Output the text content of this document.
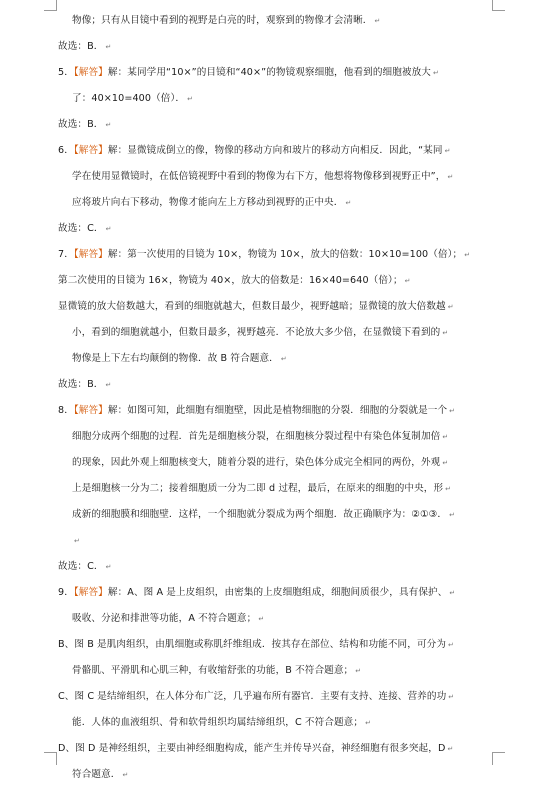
物像；只有从目镜中看到的视野是白亮的时，观察到的物像才会清晰． ↵
故选：B． ↵
5．【解答】解：某同学用“10×”的目镜和“40×”的物镜观察细胞，他看到的细胞被放大 ↵
了：40×10=400（倍）． ↵
故选：B． ↵
6．【解答】解：显微镜成倒立的像，物像的移动方向和玻片的移动方向相反．因此，“某同 ↵
学在使用显微镜时，在低倍镜视野中看到的物像为右下方，他想将物像移到视野正中”， ↵
应将玻片向右下移动，物像才能向左上方移动到视野的正中央． ↵
故选：C． ↵
7．【解答】解：第一次使用的目镜为 10×，物镜为 10×，放大的倍数：10×10=100（倍）； ↵
第二次使用的目镜为 16×，物镜为 40×，放大的倍数是：16×40=640（倍）； ↵
显微镜的放大倍数越大，看到的细胞就越大，但数目最少，视野越暗；显微镜的放大倍数越 ↵
小，看到的细胞就越小，但数目最多，视野越亮．不论放大多少倍，在显微镜下看到的 ↵
物像是上下左右均颠倒的物像．故 B 符合题意． ↵
故选：B． ↵
8．【解答】解：如图可知，此细胞有细胞壁，因此是植物细胞的分裂．细胞的分裂就是一个 ↵
细胞分成两个细胞的过程．首先是细胞核分裂，在细胞核分裂过程中有染色体复制加倍 ↵
的现象，因此外观上细胞核变大，随着分裂的进行，染色体分成完全相同的两份，外观 ↵
上是细胞核一分为二；接着细胞质一分为二即 d 过程，最后，在原来的细胞的中央，形 ↵
成新的细胞膜和细胞壁．这样，一个细胞就分裂成为两个细胞．故正确顺序为：②①③． ↵
↵
故选：C． ↵
9．【解答】解：A、图 A 是上皮组织，由密集的上皮细胞组成，细胞间质很少，具有保护、 ↵
吸收、分泌和排泄等功能，A 不符合题意； ↵
B、图 B 是肌肉组织，由肌细胞或称肌纤维组成．按其存在部位、结构和功能不同，可分为 ↵
骨骼肌、平滑肌和心肌三种，有收缩舒张的功能，B 不符合题意； ↵
C、图 C 是结缔组织，在人体分布广泛，几乎遍布所有器官．主要有支持、连接、营养的功 ↵
能．人体的血液组织、骨和软骨组织均属结缔组织，C 不符合题意； ↵
D、图 D 是神经组织，主要由神经细胞构成，能产生并传导兴奋，神经细胞有很多突起，D ↵
符合题意． ↵
